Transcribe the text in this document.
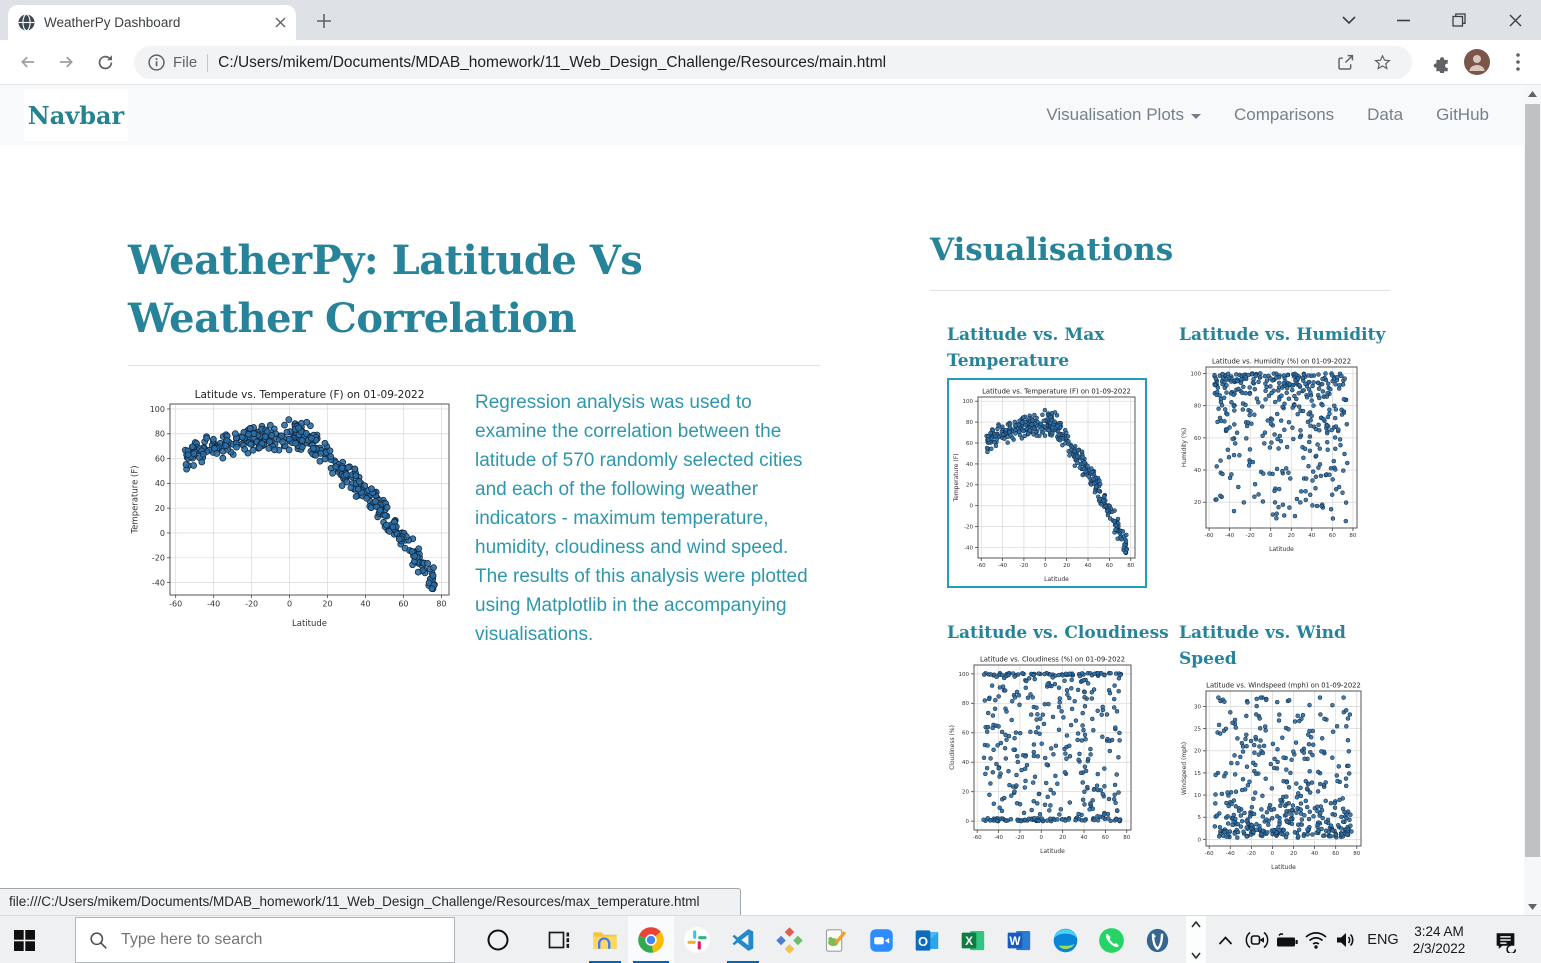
WeatherPy Dashboard
File C:/Users/mikem/Documents/MDAB_homework/11_Web_Design_Challenge/Resources/main.html
Navbar	Visualisation Plots	Comparisons Data GitHub
WeatherPy: Latitude Vs Weather Correlation
-60	-40	-20	0	20	40	60	80
-40
-20
0
20
40
60
80
100
Latitude vs. Temperature (F) on 01-09-2022
Latitude
Temperature (F)

Regression analysis was used to examine the correlation between the latitude of 570 randomly selected cities and each of the following weather indicators - maximum temperature, humidity, cloudiness and wind speed. The results of this analysis were plotted using Matplotlib in the accompanying visualisations.

Visualisations
Latitude vs. Max Temperature
-60 -40 -20	0	20	40	60	80
-40
-20
0
20
40
60
80
100
Latitude vs. Temperature (F) on 01-09-2022
Latitude
Temperature (F)
Latitude vs. Humidity
-60 -40 -20	0	20 40 60 80
20
40
60
80
100
Latitude vs. Humidity (%) on 01-09-2022
Latitude
Humidity (%)
Latitude vs. Cloudiness
-60 -40 -20	0	20	40	60	80
0
20
40
60
80
100
Latitude vs. Cloudiness (%) on 01-09-2022
Latitude
Cloudiness (%)
Latitude vs. Wind Speed
-60 -40 -20	0	20	40	60	80
0
5
10
15
20
25
30
Latitude vs. Windspeed (mph) on 01-09-2022
Latitude
Windspeed (mph)
file:///C:/Users/mikem/Documents/MDAB_homework/11_Web_Design_Challenge/Resources/max_temperature.html
Type here to search
O	X	W	ENG
3:24 AM
2/3/2022
